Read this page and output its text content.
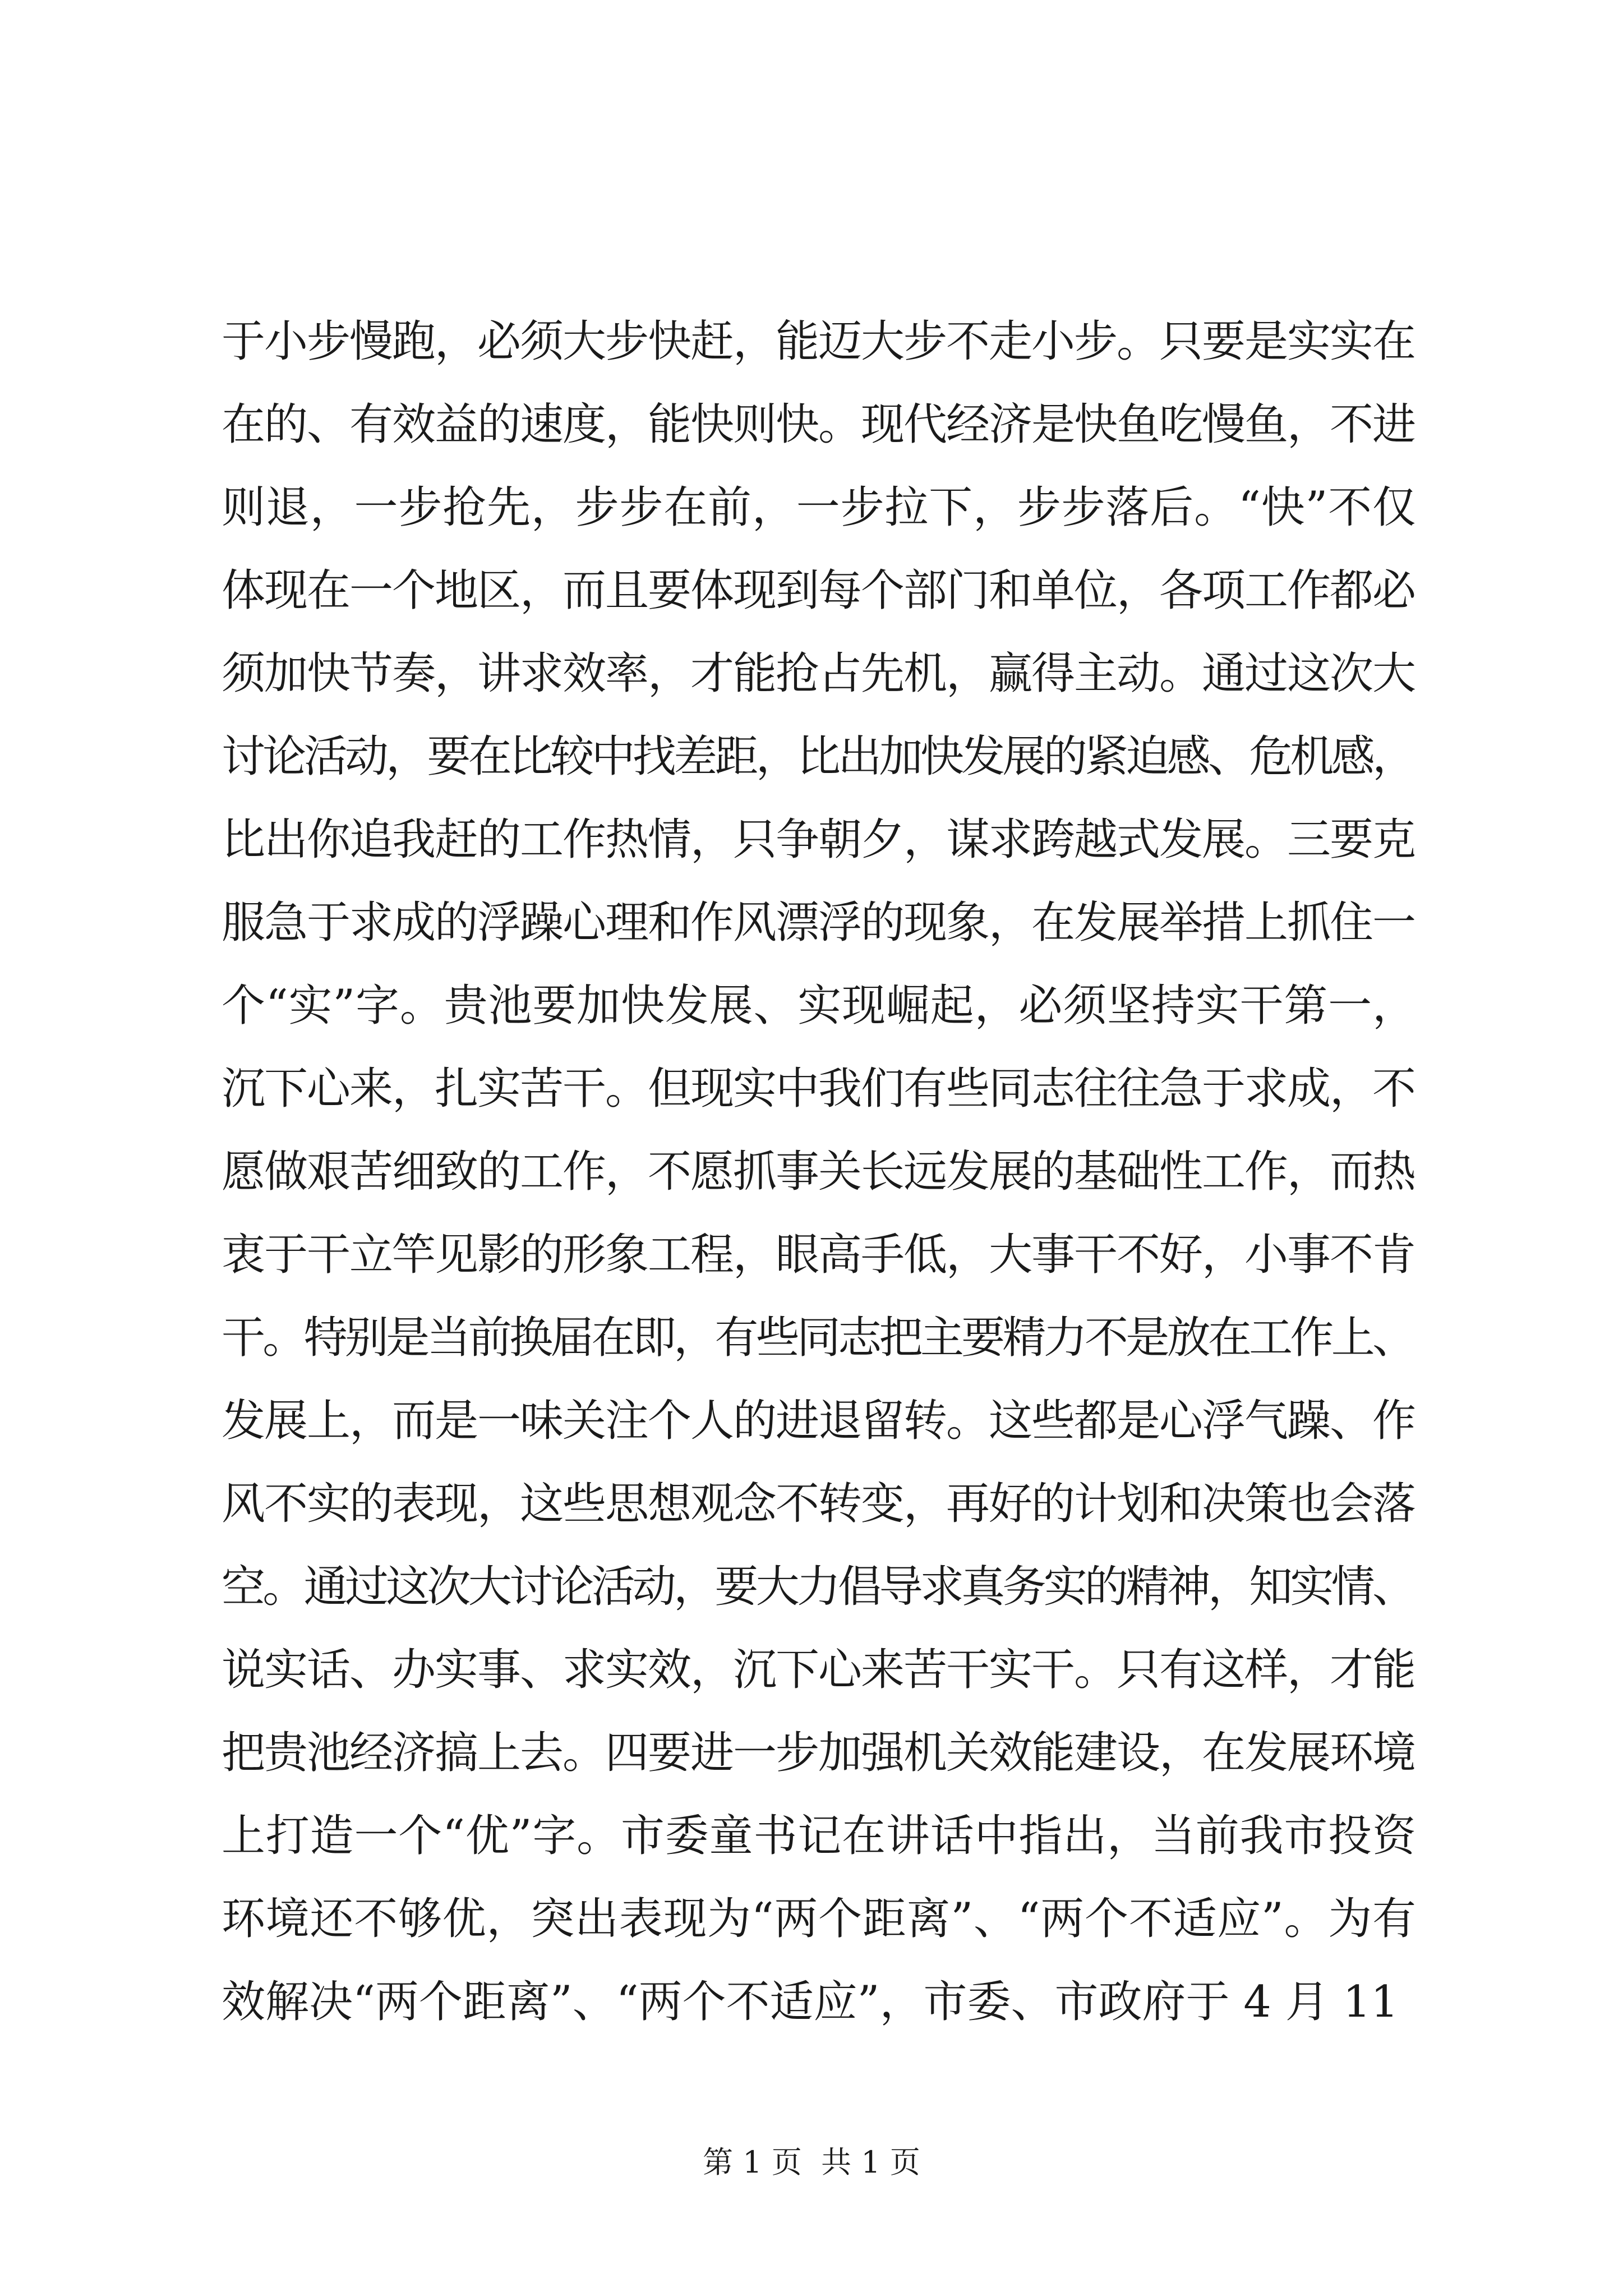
于小步慢跑，必须大步快赶，能迈大步不走小步。只要是实实在
在的、有效益的速度，能快则快。现代经济是快鱼吃慢鱼，不进
则退，一步抢先，步步在前，一步拉下，步步落后。“快”不仅
体现在一个地区，而且要体现到每个部门和单位，各项工作都必
须加快节奏，讲求效率，才能抢占先机，赢得主动。通过这次大
讨论活动，要在比较中找差距，比出加快发展的紧迫感、危机感，
比出你追我赶的工作热情，只争朝夕，谋求跨越式发展。三要克
服急于求成的浮躁心理和作风漂浮的现象，在发展举措上抓住一
个“实”字。贵池要加快发展、实现崛起，必须坚持实干第一，
沉下心来，扎实苦干。但现实中我们有些同志往往急于求成，不
愿做艰苦细致的工作，不愿抓事关长远发展的基础性工作，而热
衷于干立竿见影的形象工程，眼高手低，大事干不好，小事不肯
干。特别是当前换届在即，有些同志把主要精力不是放在工作上、
发展上，而是一味关注个人的进退留转。这些都是心浮气躁、作
风不实的表现，这些思想观念不转变，再好的计划和决策也会落
空。通过这次大讨论活动，要大力倡导求真务实的精神，知实情、
说实话、办实事、求实效，沉下心来苦干实干。只有这样，才能
把贵池经济搞上去。四要进一步加强机关效能建设，在发展环境
上打造一个“优”字。市委童书记在讲话中指出，当前我市投资
环境还不够优，突出表现为“两个距离”、“两个不适应”。为有
效解决“两个距离”、“两个不适应”，市委、市政府于 4 月 11
第 1 页  共 1 页
